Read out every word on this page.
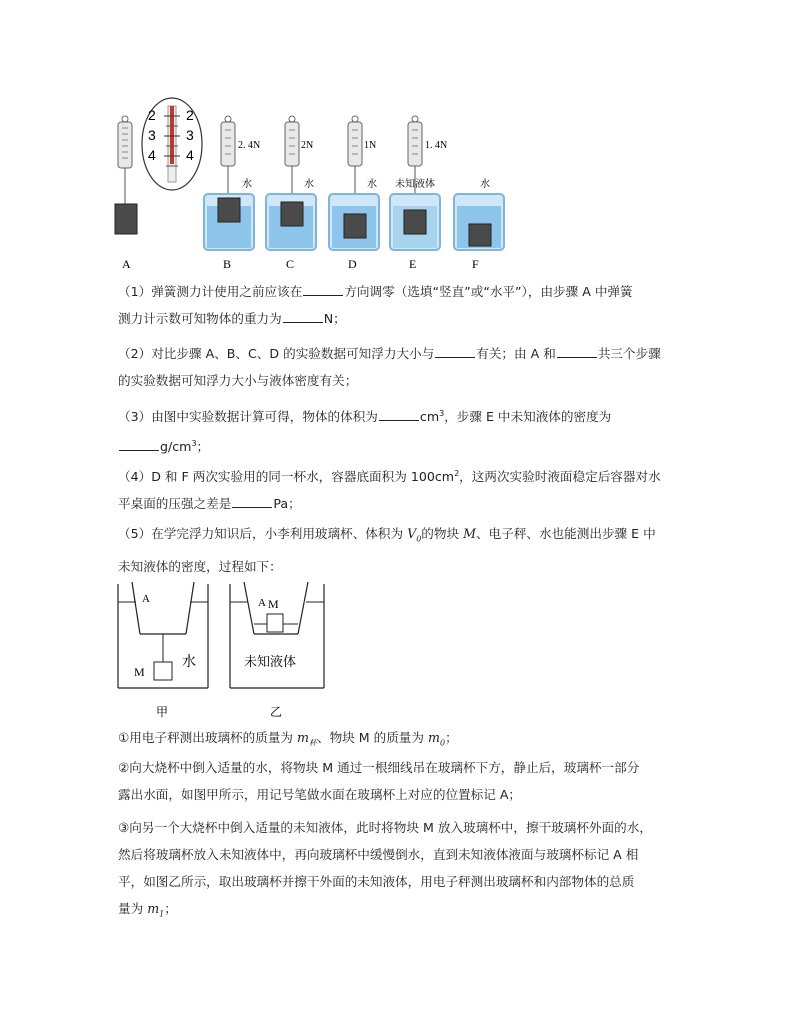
2
3
4
2
3
4
2. 4N	2N	1N	1. 4N
水	水	水 未知液体	水
A	B	C	D	E	F
（1）弹簧测力计使用之前应该在	方向调零（选填“竖直”或“水平”），由步骤 A 中弹簧
测力计示数可知物体的重力为	N；
（2）对比步骤 A、B、C、D 的实验数据可知浮力大小与	有关；由 A 和	共三个步骤
的实验数据可知浮力大小与液体密度有关；
（3）由图中实验数据计算可得，物体的体积为	$cm^3$，步骤 E 中未知液体的密度为
$g/cm^3$；
（4）D 和 F 两次实验用的同一杯水，容器底面积为 $100cm^2$，这两次实验时液面稳定后容器对水
平桌面的压强之差是	Pa；
（5）在学完浮力知识后，小李利用玻璃杯、体积为 $V_0$的物块 M、电子秤、水也能测出步骤 E 中
未知液体的密度，过程如下：
A
M
水
甲
A M
未知液体
乙
①用电子秤测出玻璃杯的质量为 $m_杯$、物块 M 的质量为 $m_0$；
②向大烧杯中倒入适量的水，将物块 M 通过一根细线吊在玻璃杯下方，静止后，玻璃杯一部分
露出水面，如图甲所示，用记号笔做水面在玻璃杯上对应的位置标记 A；
③向另一个大烧杯中倒入适量的未知液体，此时将物块 M 放入玻璃杯中，擦干玻璃杯外面的水，
然后将玻璃杯放入未知液体中，再向玻璃杯中缓慢倒水，直到未知液体液面与玻璃杯标记 A 相
平，如图乙所示，取出玻璃杯并擦干外面的未知液体，用电子秤测出玻璃杯和内部物体的总质
量为 $m_1$；
